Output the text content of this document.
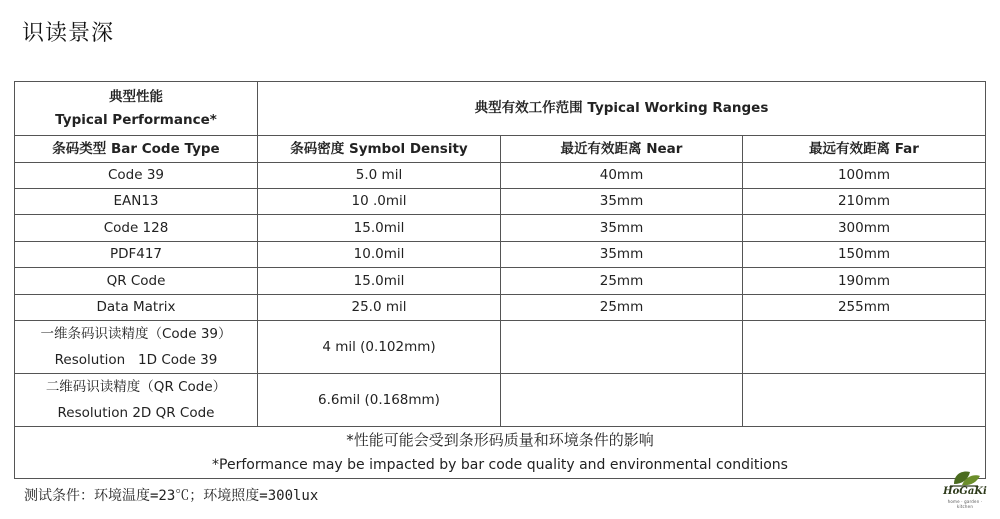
识读景深
典型性能
Typical Performance*	典型有效工作范围 Typical Working Ranges		
条码类型 Bar Code Type	条码密度 Symbol Density	最近有效距离 Near	最远有效距离 Far
Code 39	5.0 mil	40mm	100mm
EAN13	10 .0mil	35mm	210mm
Code 128	15.0mil	35mm	300mm
PDF417	10.0mil	35mm	150mm
QR Code	15.0mil	25mm	190mm
Data Matrix	25.0 mil	25mm	255mm

一维条码识读精度（Code 39）
Resolution   1D Code 39	4 mil (0.102mm)		

二维码识读精度（QR Code）
Resolution 2D QR Code	6.6mil (0.168mm)		

*性能可能会受到条形码质量和环境条件的影响
*Performance may be impacted by bar code quality and environmental conditions			
测试条件：环境温度=23℃；环境照度=300lux	HoGaKi
home · garden · kitchen
